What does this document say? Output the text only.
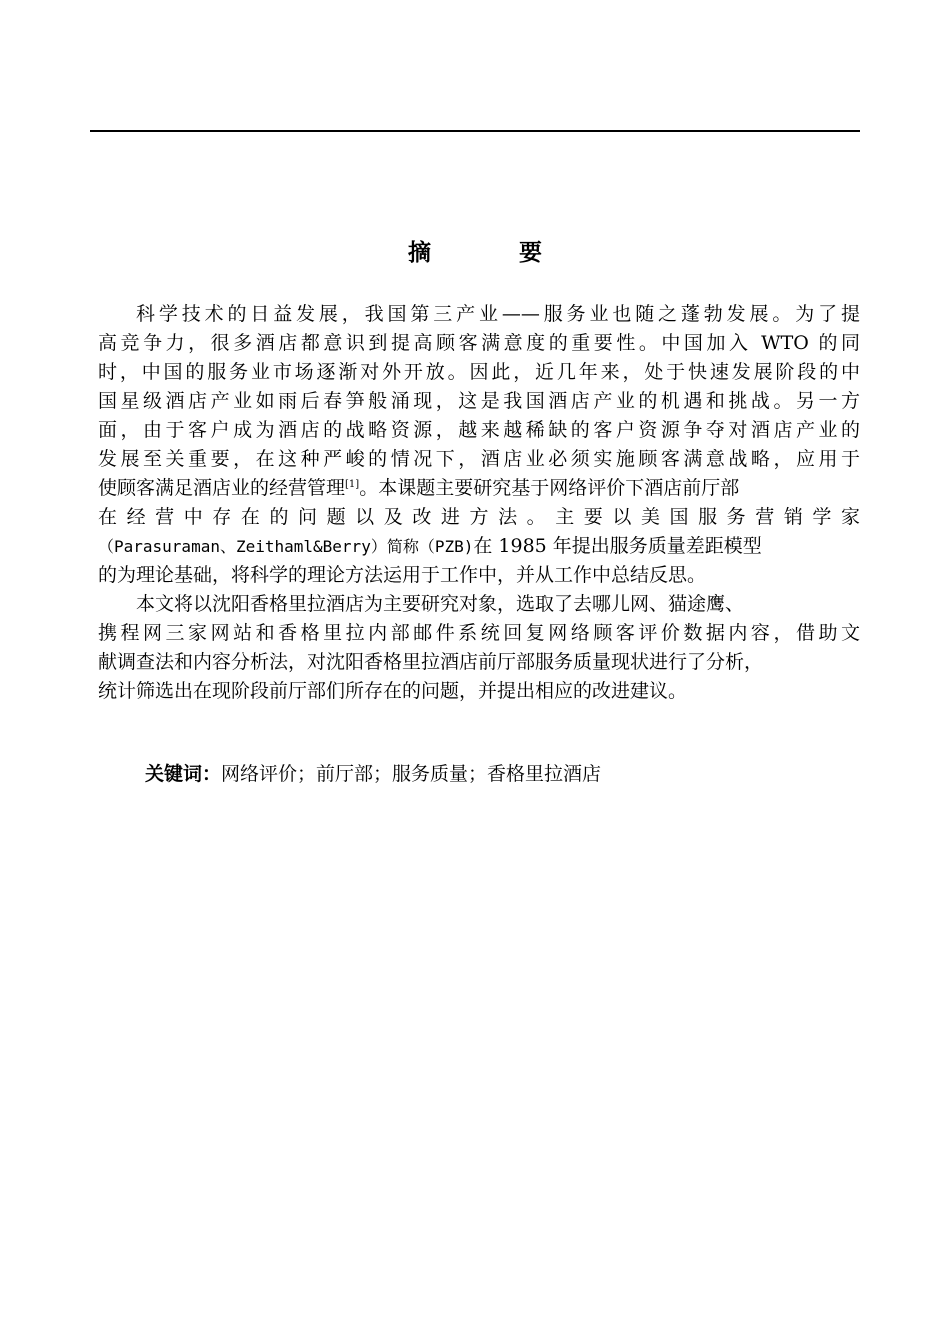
摘 要
科学技术的日益发展，我国第三产业——服务业也随之蓬勃发展。为了提
高竞争力，很多酒店都意识到提高顾客满意度的重要性。中国加入 WTO 的同
时，中国的服务业市场逐渐对外开放。因此，近几年来，处于快速发展阶段的中
国星级酒店产业如雨后春笋般涌现，这是我国酒店产业的机遇和挑战。另一方
面，由于客户成为酒店的战略资源，越来越稀缺的客户资源争夺对酒店产业的
发展至关重要，在这种严峻的情况下，酒店业必须实施顾客满意战略，应用于
使顾客满足酒店业的经营管理[1]。本课题主要研究基于网络评价下酒店前厅部
在经营中存在的问题以及改进方法。主要以美国服务营销学家
（Parasuraman、Zeithaml&Berry）简称（PZB)在 1985 年提出服务质量差距模型
的为理论基础，将科学的理论方法运用于工作中，并从工作中总结反思。
本文将以沈阳香格里拉酒店为主要研究对象，选取了去哪儿网、猫途鹰、
携程网三家网站和香格里拉内部邮件系统回复网络顾客评价数据内容，借助文
献调查法和内容分析法，对沈阳香格里拉酒店前厅部服务质量现状进行了分析，
统计筛选出在现阶段前厅部们所存在的问题，并提出相应的改进建议。
关键词：网络评价；前厅部；服务质量；香格里拉酒店
